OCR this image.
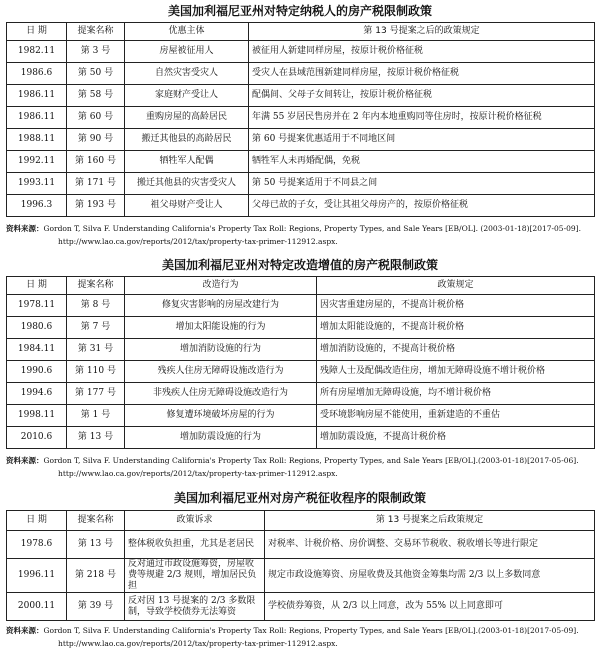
美国加利福尼亚州对特定纳税人的房产税限制政策
日 期	提案名称	优惠主体	第 13 号提案之后的政策规定
1982.11	第 3 号	房屋被征用人	被征用人新建同样房屋，按原计税价格征税
1986.6	第 50 号	自然灾害受灾人	受灾人在县域范围新建同样房屋，按原计税价格征税
1986.11	第 58 号	家庭财产受让人	配偶间、父母子女间转让，按原计税价格征税
1986.11	第 60 号	重购房屋的高龄居民	年满 55 岁居民售房并在 2 年内本地重购同等住房时，按原计税价格征税
1988.11	第 90 号	搬迁其他县的高龄居民	第 60 号提案优惠适用于不同地区间
1992.11	第 160 号	牺牲军人配偶	牺牲军人未再婚配偶，免税
1993.11	第 171 号	搬迁其他县的灾害受灾人	第 50 号提案适用于不同县之间
1996.3	第 193 号	祖父母财产受让人	父母已故的子女，受让其祖父母房产的，按原价格征税
资料来源：Gordon T, Silva F. Understanding California's Property Tax Roll: Regions, Property Types, and Sale Years [EB/OL]. (2003-01-18)[2017-05-09].
http://www.lao.ca.gov/reports/2012/tax/property-tax-primer-112912.aspx.
美国加利福尼亚州对特定改造增值的房产税限制政策
日 期	提案名称	改造行为	政策规定
1978.11	第 8 号	修复灾害影响的房屋改建行为	因灾害重建房屋的，不提高计税价格
1980.6	第 7 号	增加太阳能设施的行为	增加太阳能设施的，不提高计税价格
1984.11	第 31 号	增加消防设施的行为	增加消防设施的，不提高计税价格
1990.6	第 110 号	残疾人住房无障碍设施改造行为	残障人士及配偶改造住房，增加无障碍设施不增计税价格
1994.6	第 177 号	非残疾人住房无障碍设施改造行为	所有房屋增加无障碍设施，均不增计税价格
1998.11	第 1 号	修复遭环境破坏房屋的行为	受环境影响房屋不能使用，重新建造的不重估
2010.6	第 13 号	增加防震设施的行为	增加防震设施，不提高计税价格
资料来源：Gordon T, Silva F. Understanding California's Property Tax Roll: Regions, Property Types, and Sale Years [EB/OL].(2003-01-18)[2017-05-06].
http://www.lao.ca.gov/reports/2012/tax/property-tax-primer-112912.aspx.
美国加利福尼亚州对房产税征收程序的限制政策
日 期	提案名称	政策诉求	第 13 号提案之后政策规定
1978.6	第 13 号	整体税收负担重，尤其是老居民	对税率、计税价格、房价调整、交易环节税收、税收增长等进行限定
1996.11	第 218 号	反对通过市政设施筹资，房屋收费等规避 2/3 规则，增加居民负担	规定市政设施筹资、房屋收费及其他资金筹集均需 2/3 以上多数同意
2000.11	第 39 号	反对因 13 号提案的 2/3 多数限制，导致学校债券无法筹资	学校债券筹资，从 2/3 以上同意，改为 55% 以上同意即可
资料来源：Gordon T, Silva F. Understanding California's Property Tax Roll: Regions, Property Types, and Sale Years [EB/OL].(2003-01-18)[2017-05-09].
http://www.lao.ca.gov/reports/2012/tax/property-tax-primer-112912.aspx.
